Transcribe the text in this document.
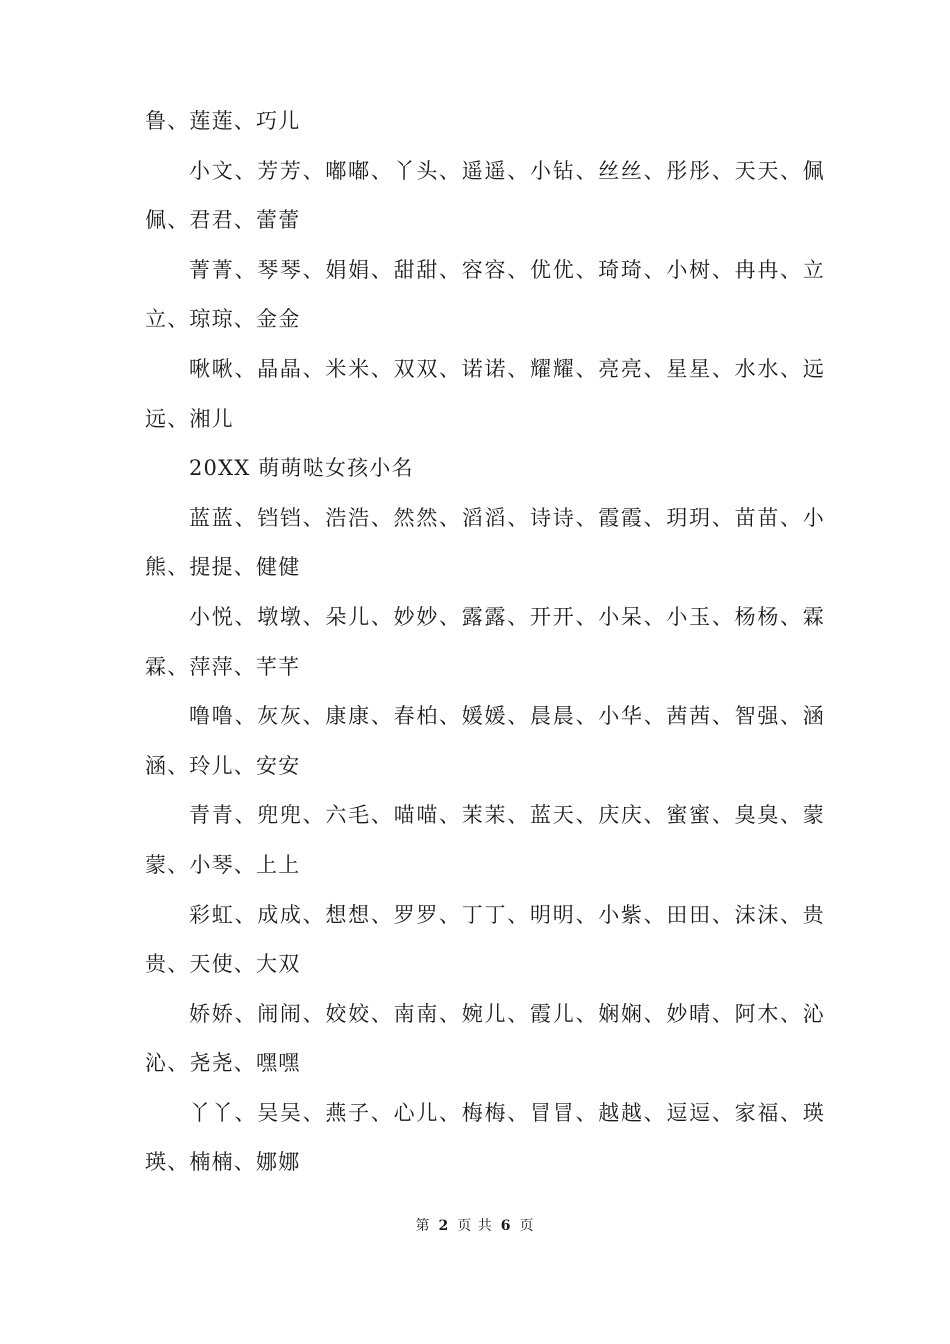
鲁、莲莲、巧儿

小文、芳芳、嘟嘟、丫头、遥遥、小钻、丝丝、彤彤、天天、佩佩、君君、蕾蕾

菁菁、琴琴、娟娟、甜甜、容容、优优、琦琦、小树、冉冉、立立、琼琼、金金

啾啾、晶晶、米米、双双、诺诺、耀耀、亮亮、星星、水水、远远、湘儿

20XX 萌萌哒女孩小名

蓝蓝、铛铛、浩浩、然然、滔滔、诗诗、霞霞、玥玥、苗苗、小熊、提提、健健

小悦、墩墩、朵儿、妙妙、露露、开开、小呆、小玉、杨杨、霖霖、萍萍、芊芊

噜噜、灰灰、康康、春柏、媛媛、晨晨、小华、茜茜、智强、涵涵、玲儿、安安

青青、兜兜、六毛、喵喵、茉茉、蓝天、庆庆、蜜蜜、臭臭、蒙蒙、小琴、上上

彩虹、成成、想想、罗罗、丁丁、明明、小紫、田田、沫沫、贵贵、天使、大双

娇娇、闹闹、姣姣、南南、婉儿、霞儿、娴娴、妙晴、阿木、沁沁、尧尧、嘿嘿

丫丫、吴吴、燕子、心儿、梅梅、冒冒、越越、逗逗、家福、瑛瑛、楠楠、娜娜

第 2 页 共 6 页
